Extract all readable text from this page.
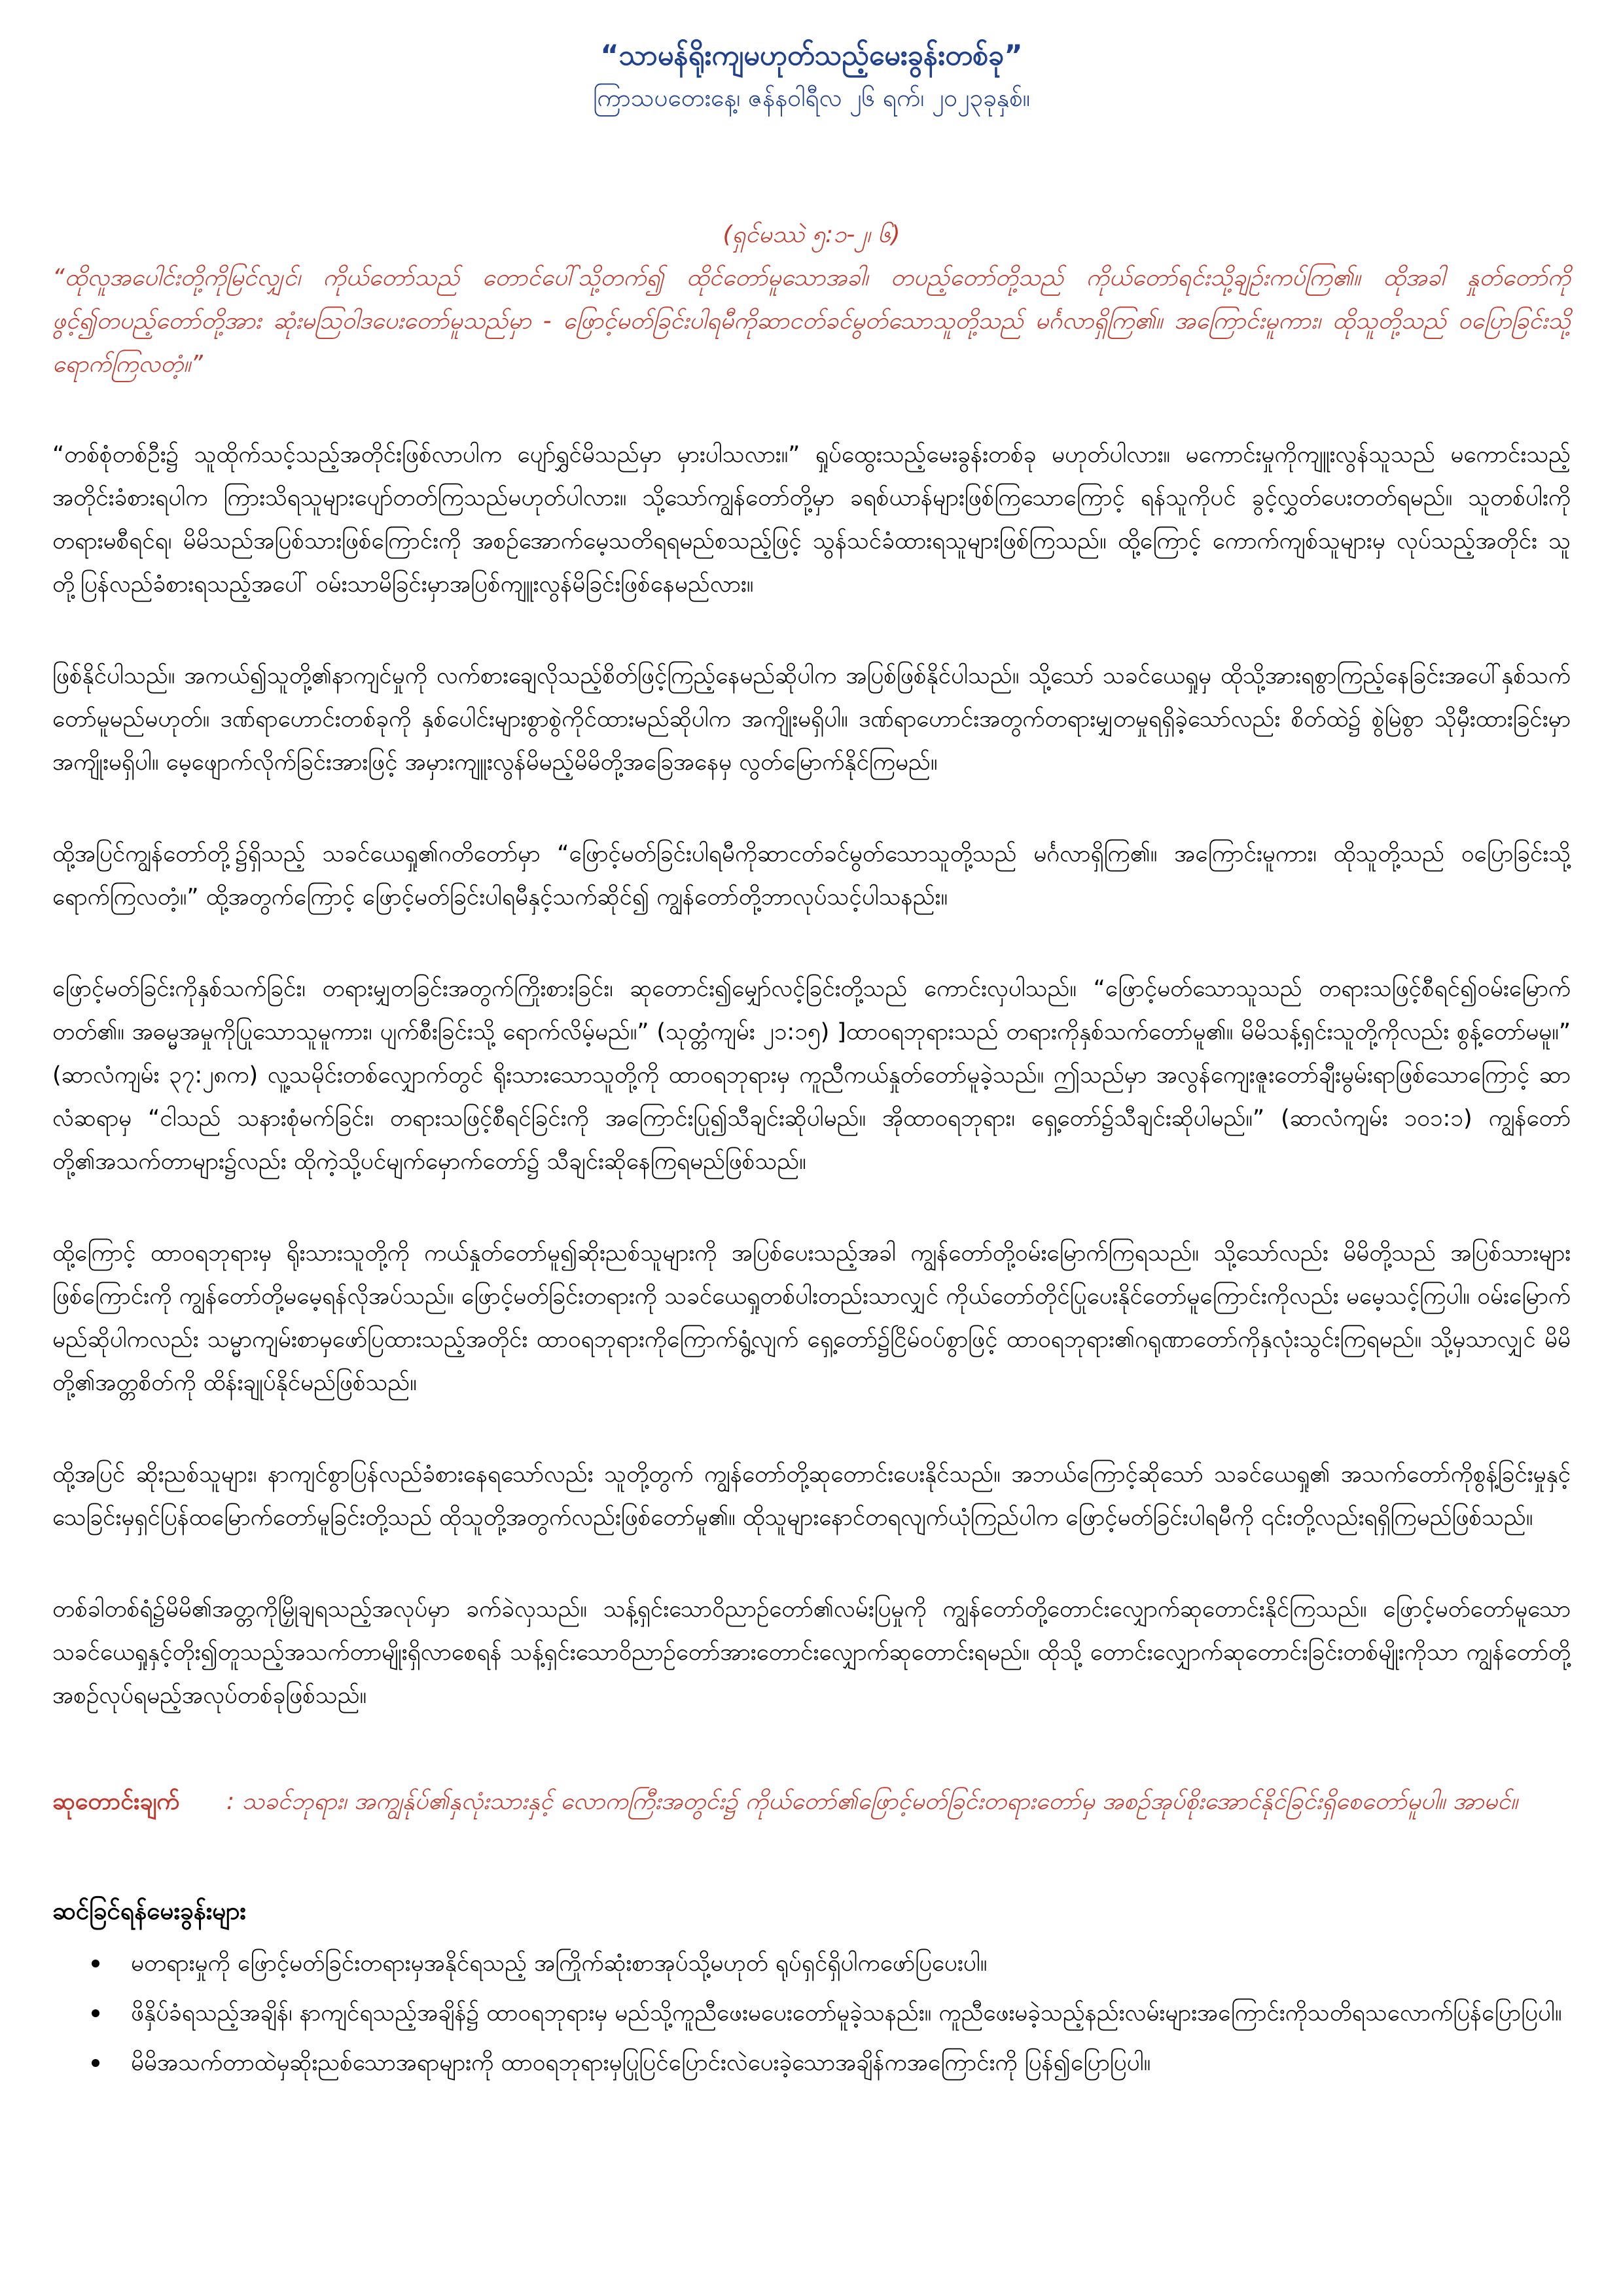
“သာမန်ရိုးကျမဟုတ်သည့်မေးခွန်းတစ်ခု”

ကြာသပတေးနေ့၊ ဇန်နဝါရီလ ၂၆ ရက်၊ ၂၀၂၃ခုနှစ်။

(ရှင်မဿဲ ၅:၁-၂၊ ၆)

“ထိုလူအပေါင်းတို့ကိုမြင်လျှင်၊ ကိုယ်တော်သည် တောင်ပေါ်သို့တက်၍ ထိုင်တော်မူသောအခါ၊ တပည့်တော်တို့သည် ကိုယ်တော်ရင်းသို့ချဉ်းကပ်ကြ၏။ ထိုအခါ နှုတ်တော်ကိုဖွင့်၍တပည့်တော်တို့အား ဆုံးမဩဝါဒပေးတော်မူသည်မှာ - ဖြောင့်မတ်ခြင်းပါရမီကိုဆာငတ်ခင်မွတ်သောသူတို့သည် မင်္ဂလာရှိကြ၏။ အကြောင်းမူကား၊ ထိုသူတို့သည် ဝပြောခြင်းသို့ရောက်ကြလတံ့။”

“တစ်စုံတစ်ဦး၌ သူထိုက်သင့်သည့်အတိုင်းဖြစ်လာပါက ပျော်ရွှင်မိသည်မှာ မှားပါသလား။” ရှုပ်ထွေးသည့်မေးခွန်းတစ်ခု မဟုတ်ပါလား။ မကောင်းမှုကိုကျူးလွန်သူသည် မကောင်းသည့်အတိုင်းခံစားရပါက ကြားသိရသူများပျော်တတ်ကြသည်မဟုတ်ပါလား။ သို့သော်ကျွန်တော်တို့မှာ ခရစ်ယာန်များဖြစ်ကြသောကြောင့် ရန်သူကိုပင် ခွင့်လွှတ်ပေးတတ်ရမည်။ သူတစ်ပါးကို တရားမစီရင်ရ၊ မိမိသည်အပြစ်သားဖြစ်ကြောင်းကို အစဉ်အောက်မေ့သတိရရမည်စသည့်ဖြင့် သွန်သင်ခံထားရသူများဖြစ်ကြသည်။ ထို့ကြောင့် ကောက်ကျစ်သူများမှ လုပ်သည့်အတိုင်း သူတို့ပြန်လည်ခံစားရသည့်အပေါ် ဝမ်းသာမိခြင်းမှာအပြစ်ကျူးလွန်မိခြင်းဖြစ်နေမည်လား။

ဖြစ်နိုင်ပါသည်။ အကယ်၍သူတို့၏နာကျင်မှုကို လက်စားချေလိုသည့်စိတ်ဖြင့်ကြည့်နေမည်ဆိုပါက အပြစ်ဖြစ်နိုင်ပါသည်။ သို့သော် သခင်ယေရှုမှ ထိုသို့အားရစွာကြည့်နေခြင်းအပေါ်နှစ်သက်တော်မူမည်မဟုတ်။ ဒဏ်ရာဟောင်းတစ်ခုကို နှစ်ပေါင်းများစွာစွဲကိုင်ထားမည်ဆိုပါက အကျိုးမရှိပါ။ ဒဏ်ရာဟောင်းအတွက်တရားမျှတမှုရရှိခဲ့သော်လည်း စိတ်ထဲ၌ စွဲမြဲစွာ သိုမှီးထားခြင်းမှာအကျိုးမရှိပါ။ မေ့ဖျောက်လိုက်ခြင်းအားဖြင့် အမှားကျူးလွန်မိမည့်မိမိတို့အခြေအနေမှ လွတ်မြောက်နိုင်ကြမည်။

ထို့အပြင်ကျွန်တော်တို့၌ရှိသည့် သခင်ယေရှု၏ဂတိတော်မှာ “ဖြောင့်မတ်ခြင်းပါရမီကိုဆာငတ်ခင်မွတ်သောသူတို့သည် မင်္ဂလာရှိကြ၏။ အကြောင်းမူကား၊ ထိုသူတို့သည် ဝပြောခြင်းသို့ရောက်ကြလတံ့။” ထို့အတွက်ကြောင့် ဖြောင့်မတ်ခြင်းပါရမီနှင့်သက်ဆိုင်၍ ကျွန်တော်တို့ဘာလုပ်သင့်ပါသနည်း။

ဖြောင့်မတ်ခြင်းကိုနှစ်သက်ခြင်း၊ တရားမျှတခြင်းအတွက်ကြိုးစားခြင်း၊ ဆုတောင်း၍မျှော်လင့်ခြင်းတို့သည် ကောင်းလှပါသည်။ “ဖြောင့်မတ်သောသူသည် တရားသဖြင့်စီရင်၍ဝမ်းမြောက်တတ်၏။ အဓမ္မအမှုကိုပြုသောသူမူကား၊ ပျက်စီးခြင်းသို့ ရောက်လိမ့်မည်။” (သုတ္တံကျမ်း ၂၁:၁၅) ]ထာဝရဘုရားသည် တရားကိုနှစ်သက်တော်မူ၏။ မိမိသန့်ရှင်းသူတို့ကိုလည်း စွန့်တော်မမူ။” (ဆာလံကျမ်း ၃၇:၂၈က) လူ့သမိုင်းတစ်လျှောက်တွင် ရိုးသားသောသူတို့ကို ထာဝရဘုရားမှ ကူညီကယ်နှုတ်တော်မူခဲ့သည်။ ဤသည်မှာ အလွန်ကျေးဇူးတော်ချီးမွမ်းရာဖြစ်သောကြောင့် ဆာလံဆရာမှ “ငါသည် သနားစုံမက်ခြင်း၊ တရားသဖြင့်စီရင်ခြင်းကို အကြောင်းပြု၍သီချင်းဆိုပါမည်။ အိုထာဝရဘုရား၊ ရှေ့တော်၌သီချင်းဆိုပါမည်။” (ဆာလံကျမ်း ၁၀၁:၁) ကျွန်တော်တို့၏အသက်တာများ၌လည်း ထိုကဲ့သို့ပင်မျက်မှောက်တော်၌ သီချင်းဆိုနေကြရမည်ဖြစ်သည်။

ထို့ကြောင့် ထာဝရဘုရားမှ ရိုးသားသူတို့ကို ကယ်နှုတ်တော်မူ၍ဆိုးညစ်သူများကို အပြစ်ပေးသည့်အခါ ကျွန်တော်တို့ဝမ်းမြောက်ကြရသည်။ သို့သော်လည်း မိမိတို့သည် အပြစ်သားများဖြစ်ကြောင်းကို ကျွန်တော်တို့မမေ့ရန်လိုအပ်သည်။ ဖြောင့်မတ်ခြင်းတရားကို သခင်ယေရှုတစ်ပါးတည်းသာလျှင် ကိုယ်တော်တိုင်ပြုပေးနိုင်တော်မူကြောင်းကိုလည်း မမေ့သင့်ကြပါ။ ဝမ်းမြောက်မည်ဆိုပါကလည်း သမ္မာကျမ်းစာမှဖော်ပြထားသည့်အတိုင်း ထာဝရဘုရားကိုကြောက်ရွံ့လျက် ရှေ့တော်၌ငြိမ်ဝပ်စွာဖြင့် ထာဝရဘုရား၏ဂရုဏာတော်ကိုနှလုံးသွင်းကြရမည်။ သို့မှသာလျှင် မိမိတို့၏အတ္တစိတ်ကို ထိန်းချုပ်နိုင်မည်ဖြစ်သည်။

ထို့အပြင် ဆိုးညစ်သူများ၊ နာကျင်စွာပြန်လည်ခံစားနေရသော်လည်း သူတို့တွက် ကျွန်တော်တို့ဆုတောင်းပေးနိုင်သည်။ အဘယ်ကြောင့်ဆိုသော် သခင်ယေရှု၏ အသက်တော်ကိုစွန့်ခြင်းမှုနှင့် သေခြင်းမှရှင်ပြန်ထမြောက်တော်မူခြင်းတို့သည် ထိုသူတို့အတွက်လည်းဖြစ်တော်မူ၏။ ထိုသူများနောင်တရလျက်ယုံကြည်ပါက ဖြောင့်မတ်ခြင်းပါရမီကို ၎င်းတို့လည်းရရှိကြမည်ဖြစ်သည်။

တစ်ခါတစ်ရံ၌မိမိ၏အတ္တကိုမြှိုချရသည့်အလုပ်မှာ ခက်ခဲလှသည်။ သန့်ရှင်းသောဝိညာဉ်တော်၏လမ်းပြမှုကို ကျွန်တော်တို့တောင်းလျှောက်ဆုတောင်းနိုင်ကြသည်။ ဖြောင့်မတ်တော်မူသော သခင်ယေရှုနှင့်တိုး၍တူသည့်အသက်တာမျိုးရှိလာစေရန် သန့်ရှင်းသောဝိညာဉ်တော်အားတောင်းလျှောက်ဆုတောင်းရမည်။ ထိုသို့ တောင်းလျှောက်ဆုတောင်းခြင်းတစ်မျိုးကိုသာ ကျွန်တော်တို့အစဉ်လုပ်ရမည့်အလုပ်တစ်ခုဖြစ်သည်။

ဆုတောင်းချက် : သခင်ဘုရား၊ အကျွန်ုပ်၏နှလုံးသားနှင့် လောကကြီးအတွင်း၌ ကိုယ်တော်၏ဖြောင့်မတ်ခြင်းတရားတော်မှ အစဉ်အုပ်စိုးအောင်နိုင်ခြင်းရှိစေတော်မူပါ။ အာမင်။

ဆင်ခြင်ရန်မေးခွန်းများ

မတရားမှုကို ဖြောင့်မတ်ခြင်းတရားမှအနိုင်ရသည့် အကြိုက်ဆုံးစာအုပ်သို့မဟုတ် ရုပ်ရှင်ရှိပါကဖော်ပြပေးပါ။
ဖိနှိပ်ခံရသည့်အချိန်၊ နာကျင်ရသည့်အချိန်၌ ထာဝရဘုရားမှ မည်သို့ကူညီဖေးမပေးတော်မူခဲ့သနည်း။ ကူညီဖေးမခဲ့သည့်နည်းလမ်းများအကြောင်းကိုသတိရသလောက်ပြန်ပြောပြပါ။
မိမိအသက်တာထဲမှဆိုးညစ်သောအရာများကို ထာဝရဘုရားမှပြုပြင်ပြောင်းလဲပေးခဲ့သောအချိန်ကအကြောင်းကို ပြန်၍ပြောပြပါ။
